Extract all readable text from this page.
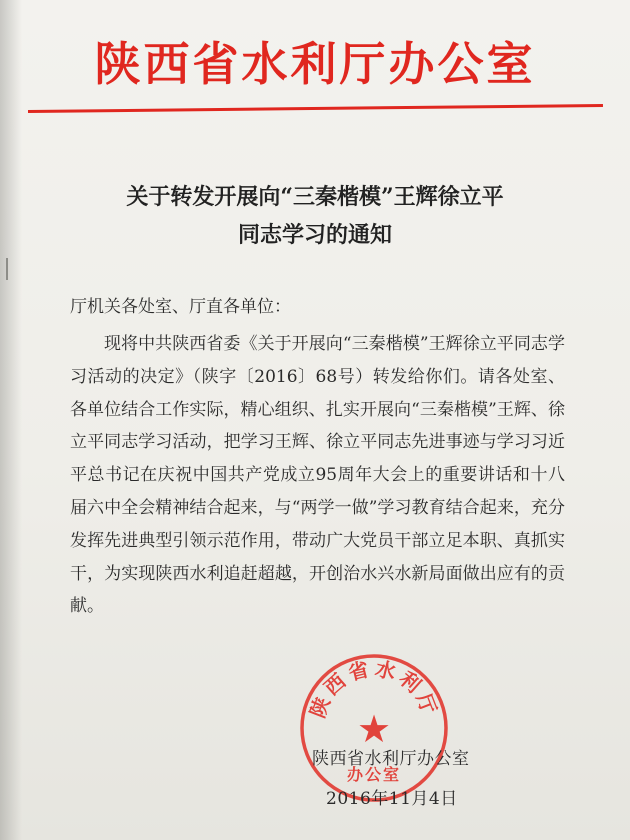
陕西省水利厅办公室
关于转发开展向“三秦楷模”王辉徐立平
同志学习的通知
厅机关各处室、厅直各单位：
现将中共陕西省委《关于开展向“三秦楷模”王辉徐立平同志学习活动的决定》（陕字〔2016〕68号）转发给你们。请各处室、各单位结合工作实际，精心组织、扎实开展向“三秦楷模”王辉、徐立平同志学习活动，把学习王辉、徐立平同志先进事迹与学习习近平总书记在庆祝中国共产党成立95周年大会上的重要讲话和十八届六中全会精神结合起来，与“两学一做”学习教育结合起来，充分发挥先进典型引领示范作用，带动广大党员干部立足本职、真抓实干，为实现陕西水利追赶超越，开创治水兴水新局面做出应有的贡献。
陕西省水利厅
★
办公室
陕西省水利厅办公室
2016年11月4日
